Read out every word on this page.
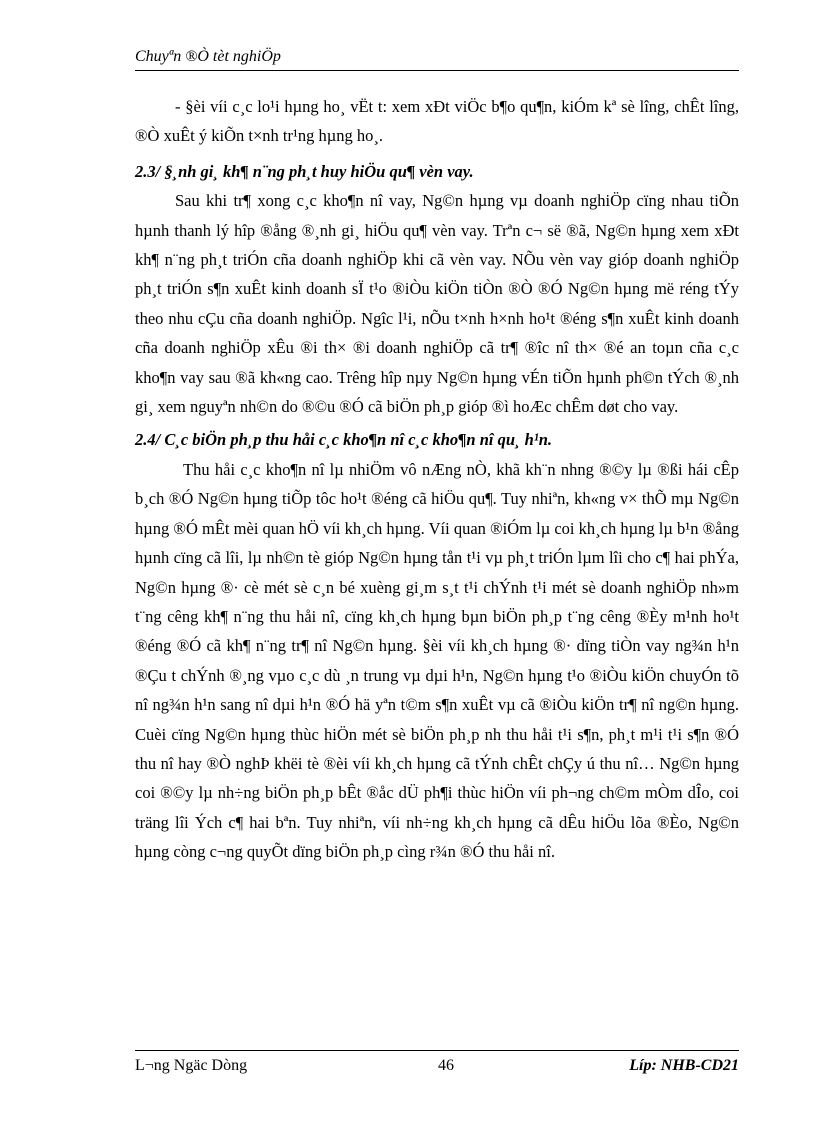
Chuyªn ®Ò tèt nghiÖp

- §èi víi c¸c lo¹i hµng ho¸ vËt t: xem xÐt viÖc b¶o qu¶n, kiÓm kª sè lîng, chÊt lîng, ®Ò xuÊt ý kiÕn t×nh tr¹ng hµng ho¸.

2.3/ §¸nh gi¸ kh¶ n¨ng ph¸t huy hiÖu qu¶ vèn vay.

Sau khi tr¶ xong c¸c kho¶n nî vay, Ng©n hµng vµ doanh nghiÖp cïng nhau tiÕn hµnh thanh lý hîp ®ång ®¸nh gi¸ hiÖu qu¶ vèn vay. Trªn c¬ së ®ã, Ng©n hµng xem xÐt kh¶ n¨ng ph¸t triÓn cña doanh nghiÖp khi cã vèn vay. NÕu vèn vay gióp doanh nghiÖp ph¸t triÓn s¶n xuÊt kinh doanh sÏ t¹o ®iÒu kiÖn tiÒn ®Ò ®Ó Ng©n hµng më réng tÝy theo nhu cÇu cña doanh nghiÖp. Ngîc l¹i, nÕu t×nh h×nh ho¹t ®éng s¶n xuÊt kinh doanh cña doanh nghiÖp xÊu ®i th× ®i doanh nghiÖp cã tr¶ ®îc nî th× ®é an toµn cña c¸c kho¶n vay sau ®ã kh«ng cao. Trêng hîp nµy Ng©n hµng vÉn tiÕn hµnh ph©n tÝch ®¸nh gi¸ xem nguyªn nh©n do ®©u ®Ó cã biÖn ph¸p gióp ®ì hoÆc chÊm døt cho vay.

2.4/ C¸c biÖn ph¸p thu håi c¸c kho¶n nî c¸c kho¶n nî qu¸ h¹n.

Thu håi c¸c kho¶n nî lµ nhiÖm vô nÆng nÒ, khã kh¨n nhng ®©y lµ ®ßi hái cÊp b¸ch ®Ó Ng©n hµng tiÕp tôc ho¹t ®éng cã hiÖu qu¶. Tuy nhiªn, kh«ng v× thÕ mµ Ng©n hµng ®Ó mÊt mèi quan hÖ víi kh¸ch hµng. Víi quan ®iÓm lµ coi kh¸ch hµng lµ b¹n ®ång hµnh cïng cã lîi, lµ nh©n tè gióp Ng©n hµng tån t¹i vµ ph¸t triÓn lµm lîi cho c¶ hai phÝa, Ng©n hµng ®· cè mét sè c¸n bé xuèng gi¸m s¸t t¹i chÝnh t¹i mét sè doanh nghiÖp nh»m t¨ng cêng kh¶ n¨ng thu håi nî, cïng kh¸ch hµng bµn biÖn ph¸p t¨ng cêng ®Èy m¹nh ho¹t ®éng ®Ó cã kh¶ n¨ng tr¶ nî Ng©n hµng. §èi víi kh¸ch hµng ®· dïng tiÒn vay ng¾n h¹n ®Çu t chÝnh ®¸ng vµo c¸c dù ¸n trung vµ dµi h¹n, Ng©n hµng t¹o ®iÒu kiÖn chuyÓn tõ nî ng¾n h¹n sang nî dµi h¹n ®Ó hä yªn t©m s¶n xuÊt vµ cã ®iÒu kiÖn tr¶ nî ng©n hµng. Cuèi cïng Ng©n hµng thùc hiÖn mét sè biÖn ph¸p nh thu håi t¹i s¶n, ph¸t m¹i t¹i s¶n ®Ó thu nî hay ®Ò nghÞ khëi tè ®èi víi kh¸ch hµng cã tÝnh chÊt chÇy ú thu nî… Ng©n hµng coi ®©y lµ nh÷ng biÖn ph¸p bÊt ®åc dÜ ph¶i thùc hiÖn víi ph¬ng ch©m mÒm dÎo, coi träng lîi Ých c¶ hai bªn. Tuy nhiªn, víi nh÷ng kh¸ch hµng cã dÊu hiÖu lõa ®Èo, Ng©n hµng còng c¬ng quyÕt dïng biÖn ph¸p cìng r¾n ®Ó thu håi nî.

L¬ng Ngäc Dòng	46	Líp: NHB-CD21
